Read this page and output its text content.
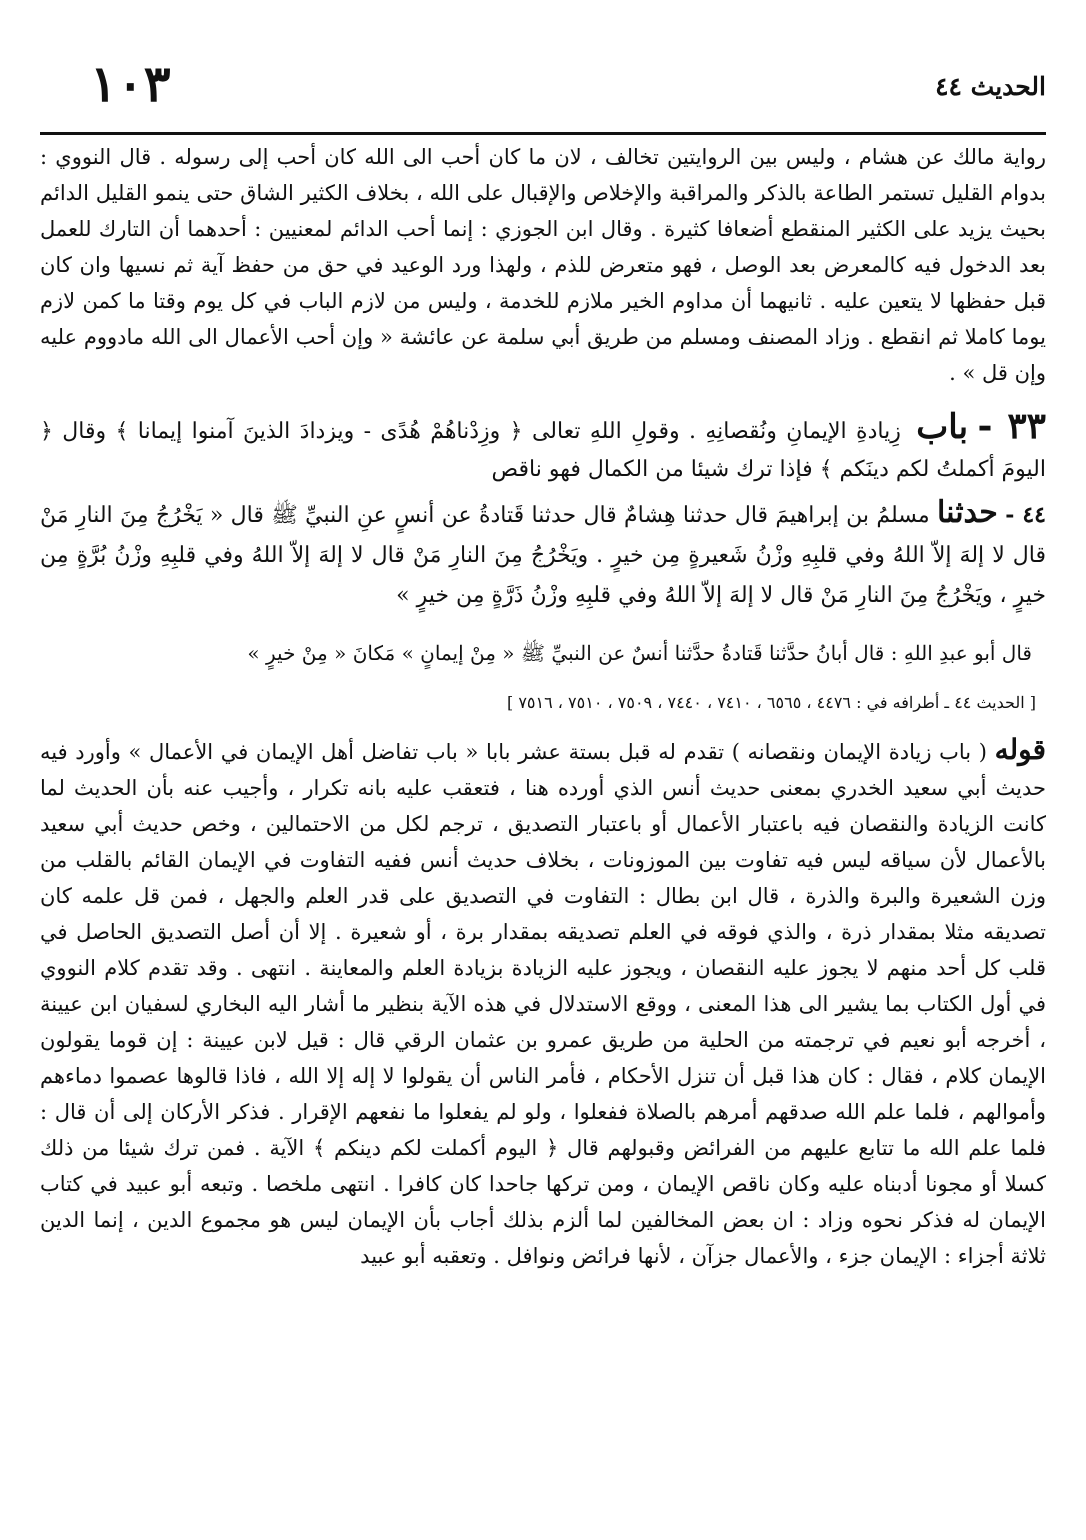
الحديث ٤٤
١٠٣

رواية مالك عن هشام ، وليس بين الروايتين تخالف ، لان ما كان أحب الى الله كان أحب إلى رسوله . قال النووي : بدوام القليل تستمر الطاعة بالذكر والمراقبة والإخلاص والإقبال على الله ، بخلاف الكثير الشاق حتى ينمو القليل الدائم بحيث يزيد على الكثير المنقطع أضعافا كثيرة . وقال ابن الجوزي : إنما أحب الدائم لمعنيين : أحدهما أن التارك للعمل بعد الدخول فيه كالمعرض بعد الوصل ، فهو متعرض للذم ، ولهذا ورد الوعيد في حق من حفظ آية ثم نسيها وان كان قبل حفظها لا يتعين عليه . ثانيهما أن مداوم الخير ملازم للخدمة ، وليس من لازم الباب في كل يوم وقتا ما كمن لازم يوما كاملا ثم انقطع . وزاد المصنف ومسلم من طريق أبي سلمة عن عائشة « وإن أحب الأعمال الى الله مادووم عليه وإن قل » .

٣٣ - باب زِيادةِ الإيمانِ ونُقصانِهِ . وقولِ اللهِ تعالى ﴿ وزِدْناهُمْ هُدًى - ويزدادَ الذينَ آمنوا إيمانا ﴾ وقال ﴿ اليومَ أكملتُ لكم دينَكم ﴾ فإذا ترك شيئا من الكمال فهو ناقص
٤٤ - حدثنا مسلمُ بن إبراهيمَ قال حدثنا هِشامٌ قال حدثنا قَتادةُ عن أنسٍ عنِ النبيِّ ﷺ قال « يَخْرُجُ مِنَ النارِ مَنْ قال لا إلهَ إلاّ اللهُ وفي قلبِهِ وزْنُ شَعيرةٍ مِن خيرٍ . ويَخْرُجُ مِنَ النارِ مَنْ قال لا إلهَ إلاّ اللهُ وفي قلبِهِ وزْنُ بُرَّةٍ مِن خيرٍ ، ويَخْرُجُ مِنَ النارِ مَنْ قال لا إلهَ إلاّ اللهُ وفي قلبِهِ وزْنُ ذَرَّةٍ مِن خيرٍ »

قال أبو عبدِ اللهِ : قال أبانُ حدَّثنا قَتادةُ حدَّثنا أنسٌ عن النبيِّ ﷺ « مِنْ إيمانٍ » مَكانَ « مِنْ خيرٍ »

[ الحديث ٤٤ ـ أطرافه في : ٤٤٧٦ ، ٦٥٦٥ ، ٧٤١٠ ، ٧٤٤٠ ، ٧٥٠٩ ، ٧٥١٠ ، ٧٥١٦ ]

قوله ( باب زيادة الإيمان ونقصانه ) تقدم له قبل بستة عشر بابا « باب تفاضل أهل الإيمان في الأعمال » وأورد فيه حديث أبي سعيد الخدري بمعنى حديث أنس الذي أورده هنا ، فتعقب عليه بانه تكرار ، وأجيب عنه بأن الحديث لما كانت الزيادة والنقصان فيه باعتبار الأعمال أو باعتبار التصديق ، ترجم لكل من الاحتمالين ، وخص حديث أبي سعيد بالأعمال لأن سياقه ليس فيه تفاوت بين الموزونات ، بخلاف حديث أنس ففيه التفاوت في الإيمان القائم بالقلب من وزن الشعيرة والبرة والذرة ، قال ابن بطال : التفاوت في التصديق على قدر العلم والجهل ، فمن قل علمه كان تصديقه مثلا بمقدار ذرة ، والذي فوقه في العلم تصديقه بمقدار برة ، أو شعيرة . إلا أن أصل التصديق الحاصل في قلب كل أحد منهم لا يجوز عليه النقصان ، ويجوز عليه الزيادة بزيادة العلم والمعاينة . انتهى . وقد تقدم كلام النووي في أول الكتاب بما يشير الى هذا المعنى ، ووقع الاستدلال في هذه الآية بنظير ما أشار اليه البخاري لسفيان ابن عيينة ، أخرجه أبو نعيم في ترجمته من الحلية من طريق عمرو بن عثمان الرقي قال : قيل لابن عيينة : إن قوما يقولون الإيمان كلام ، فقال : كان هذا قبل أن تنزل الأحكام ، فأمر الناس أن يقولوا لا إله إلا الله ، فاذا قالوها عصموا دماءهم وأموالهم ، فلما علم الله صدقهم أمرهم بالصلاة ففعلوا ، ولو لم يفعلوا ما نفعهم الإقرار . فذكر الأركان إلى أن قال : فلما علم الله ما تتابع عليهم من الفرائض وقبولهم قال ﴿ اليوم أكملت لكم دينكم ﴾ الآية . فمن ترك شيئا من ذلك كسلا أو مجونا أدبناه عليه وكان ناقص الإيمان ، ومن تركها جاحدا كان كافرا . انتهى ملخصا . وتبعه أبو عبيد في كتاب الإيمان له فذكر نحوه وزاد : ان بعض المخالفين لما ألزم بذلك أجاب بأن الإيمان ليس هو مجموع الدين ، إنما الدين ثلاثة أجزاء : الإيمان جزء ، والأعمال جزآن ، لأنها فرائض ونوافل . وتعقبه أبو عبيد
